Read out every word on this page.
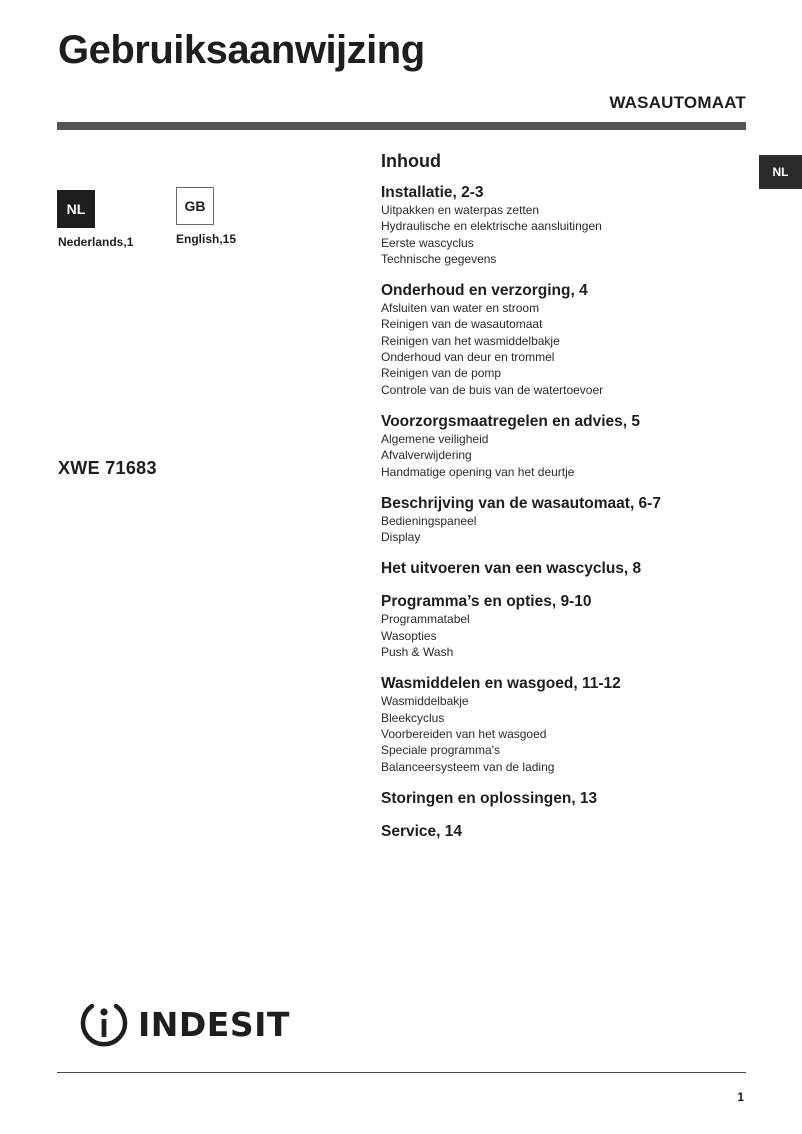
Gebruiksaanwijzing
WASAUTOMAAT
NL
NL
Nederlands,1
GB
English,15
XWE 71683
Inhoud
Installatie, 2-3
Uitpakken en waterpas zetten
Hydraulische en elektrische aansluitingen
Eerste wascyclus
Technische gegevens
Onderhoud en verzorging, 4
Afsluiten van water en stroom
Reinigen van de wasautomaat
Reinigen van het wasmiddelbakje
Onderhoud van deur en trommel
Reinigen van de pomp
Controle van de buis van de watertoevoer
Voorzorgsmaatregelen en advies, 5
Algemene veiligheid
Afvalverwijdering
Handmatige opening van het deurtje
Beschrijving van de wasautomaat, 6-7
Bedieningspaneel
Display
Het uitvoeren van een wascyclus, 8
Programma’s en opties, 9-10
Programmatabel
Wasopties
Push & Wash
Wasmiddelen en wasgoed, 11-12
Wasmiddelbakje
Bleekcyclus
Voorbereiden van het wasgoed
Speciale programma's
Balanceersysteem van de lading
Storingen en oplossingen, 13
Service, 14
INDESIT
1
